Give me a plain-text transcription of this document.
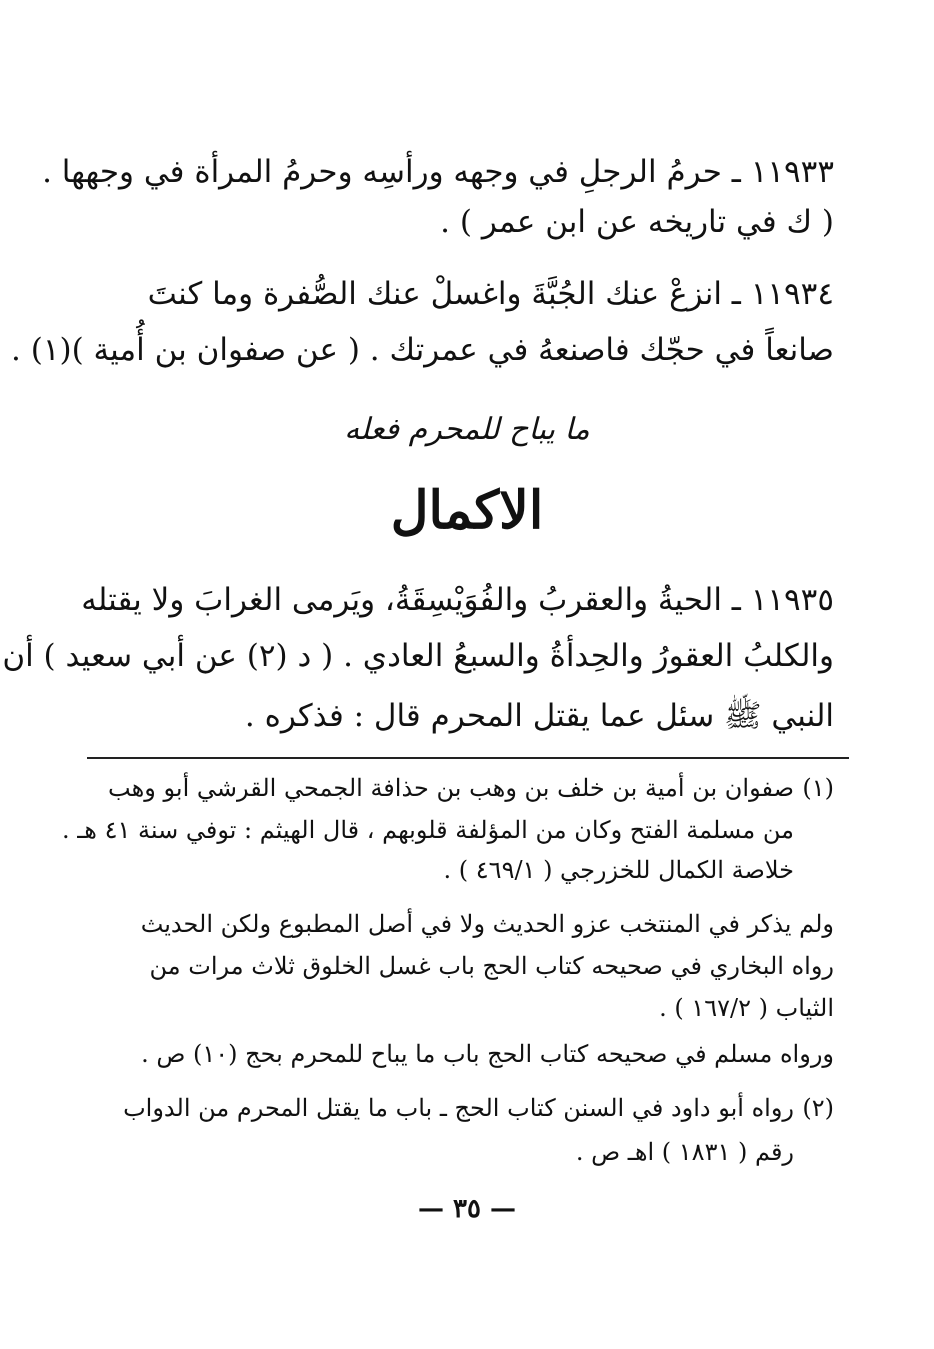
١١٩٣٣ ـ حرمُ الرجلِ في وجهه ورأسِه وحرمُ المرأة في وجهها .
( ك في تاريخه عن ابن عمر ) .
١١٩٣٤ ـ انزعْ عنك الجُبَّةَ واغسلْ عنك الصُّفرة وما كنتَ
صانعاً في حجّك فاصنعهُ في عمرتك . ( عن صفوان بن أُمية )(١) .
ما يباح للمحرم فعله
الاكمال
١١٩٣٥ ـ الحيةُ والعقربُ والفُوَيْسِقَةُ، ويَرمى الغرابَ ولا يقتله
والكلبُ العقورُ والحِدأةُ والسبعُ العادي . ( د (٢) عن أبي سعيد ) أن
النبي ﷺ سئل عما يقتل المحرم قال : فذكره .
(١)
صفوان بن أمية بن خلف بن وهب بن حذافة الجمحي القرشي أبو وهب
من مسلمة الفتح وكان من المؤلفة قلوبهم ، قال الهيثم : توفي سنة ٤١ هـ .
خلاصة الكمال للخزرجي ( ٤٦٩/١ ) .
ولم يذكر في المنتخب عزو الحديث ولا في أصل المطبوع ولكن الحديث
رواه البخاري في صحيحه كتاب الحج باب غسل الخلوق ثلاث مرات من
الثياب ( ١٦٧/٢ ) .
ورواه مسلم في صحيحه كتاب الحج باب ما يباح للمحرم بحج (١٠) ص .
(٢)
رواه أبو داود في السنن كتاب الحج ـ باب ما يقتل المحرم من الدواب
رقم ( ١٨٣١ ) اهـ ص .
— ٣٥ —
